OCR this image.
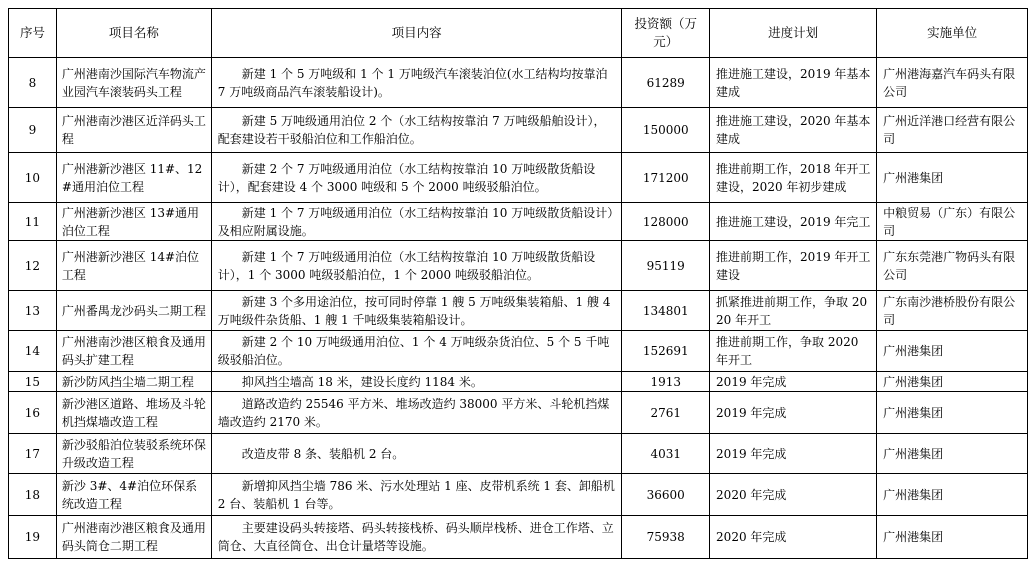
序号	项目名称	项目内容	投资额（万元）	进度计划	实施单位
8	广州港南沙国际汽车物流产业园汽车滚装码头工程	新建 1 个 5 万吨级和 1 个 1 万吨级汽车滚装泊位(水工结构均按靠泊 7 万吨级商品汽车滚装船设计)。	61289	推进施工建设，2019 年基本建成	广州港海嘉汽车码头有限公司
9	广州港南沙港区近洋码头工程	新建 5 万吨级通用泊位 2 个（水工结构按靠泊 7 万吨级船舶设计），配套建设若干驳船泊位和工作船泊位。	150000	推进施工建设，2020 年基本建成	广州近洋港口经营有限公司
10	广州港新沙港区 11#、12#通用泊位工程	新建 2 个 7 万吨级通用泊位（水工结构按靠泊 10 万吨级散货船设计），配套建设 4 个 3000 吨级和 5 个 2000 吨级驳船泊位。	171200	推进前期工作，2018 年开工建设，2020 年初步建成	广州港集团
11	广州港新沙港区 13#通用泊位工程	新建 1 个 7 万吨级通用泊位（水工结构按靠泊 10 万吨级散货船设计）及相应附属设施。	128000	推进施工建设，2019 年完工	中粮贸易（广东）有限公司
12	广州港新沙港区 14#泊位工程	新建 1 个 7 万吨级通用泊位（水工结构按靠泊 10 万吨级散货船设计），1 个 3000 吨级驳船泊位，1 个 2000 吨级驳船泊位。	95119	推进前期工作，2019 年开工建设	广东东莞港广物码头有限公司
13	广州番禺龙沙码头二期工程	新建 3 个多用途泊位，按可同时停靠 1 艘 5 万吨级集装箱船、1 艘 4 万吨级件杂货船、1 艘 1 千吨级集装箱船设计。	134801	抓紧推进前期工作，争取 2020 年开工	广东南沙港桥股份有限公司
14	广州港南沙港区粮食及通用码头扩建工程	新建 2 个 10 万吨级通用泊位、1 个 4 万吨级杂货泊位、5 个 5 千吨级驳船泊位。	152691	推进前期工作，争取 2020 年开工	广州港集团
15	新沙防风挡尘墙二期工程	抑风挡尘墙高 18 米，建设长度约 1184 米。	1913	2019 年完成	广州港集团
16	新沙港区道路、堆场及斗轮机挡煤墙改造工程	道路改造约 25546 平方米、堆场改造约 38000 平方米、斗轮机挡煤墙改造约 2170 米。	2761	2019 年完成	广州港集团
17	新沙驳船泊位装驳系统环保升级改造工程	改造皮带 8 条、装船机 2 台。	4031	2019 年完成	广州港集团
18	新沙 3#、4#泊位环保系统改造工程	新增抑风挡尘墙 786 米、污水处理站 1 座、皮带机系统 1 套、卸船机 2 台、装船机 1 台等。	36600	2020 年完成	广州港集团
19	广州港南沙港区粮食及通用码头筒仓二期工程	主要建设码头转接塔、码头转接栈桥、码头顺岸栈桥、进仓工作塔、立筒仓、大直径筒仓、出仓计量塔等设施。	75938	2020 年完成	广州港集团
